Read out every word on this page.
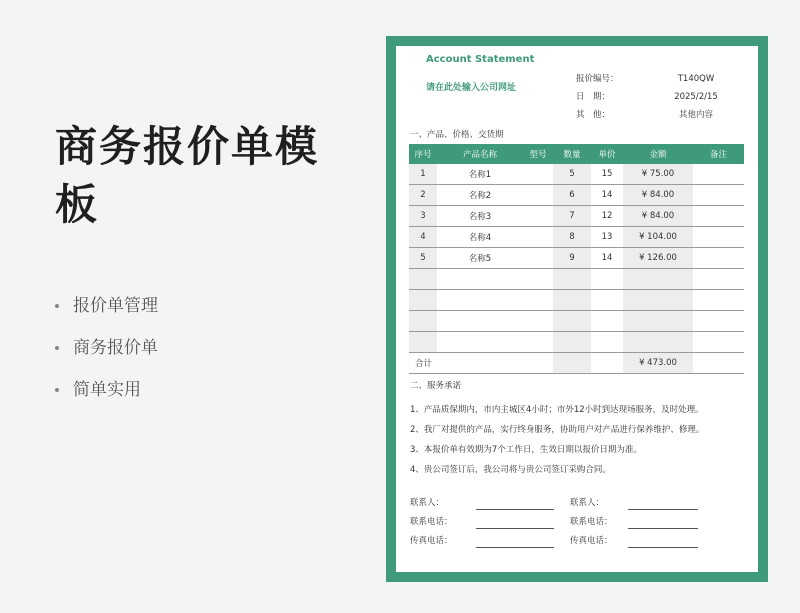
商务报价单模板
报价单管理
商务报价单
简单实用
Account Statement
请在此处输入公司网址
报价编号：	T140QW
日　期：	2025/2/15
其　他：	其他内容
一、产品、价格、交货期
序号	产品名称	型号	数量	单价	金额	备注
1	名称1		5	15	¥ 75.00	
2	名称2		6	14	¥ 84.00	
3	名称3		7	12	¥ 84.00	
4	名称4		8	13	¥ 104.00	
5	名称5		9	14	¥ 126.00	

合计					¥ 473.00	
二、服务承诺
1、产品质保期内，市内主城区4小时；市外12小时到达现场服务，及时处理。
2、我厂对提供的产品，实行终身服务，协助用户对产品进行保养维护、修理。
3、本报价单有效期为7个工作日，生效日期以报价日期为准。
4、贵公司签订后，我公司将与贵公司签订采购合同。
联系人：	联系人：
联系电话：	联系电话：
传真电话：	传真电话：
